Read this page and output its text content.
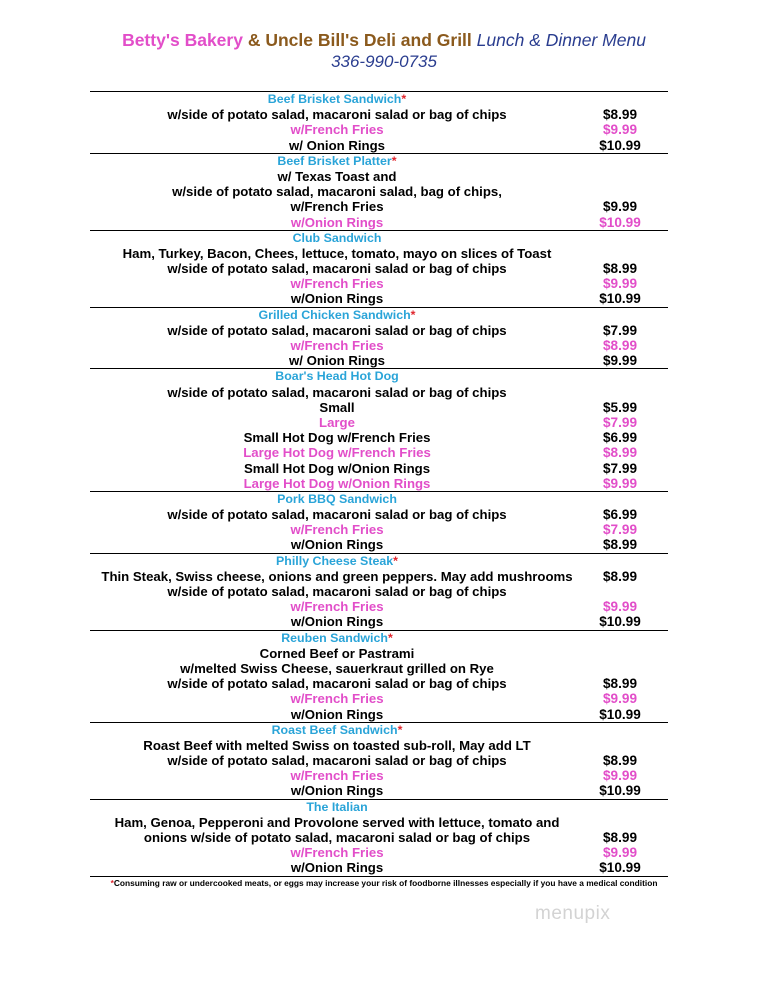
Betty's Bakery & Uncle Bill's Deli and Grill Lunch & Dinner Menu
336-990-0735
Beef Brisket Sandwich*
w/side of potato salad, macaroni salad or bag of chips	$8.99
w/French Fries	$9.99
w/ Onion Rings	$10.99
Beef Brisket Platter*
w/ Texas Toast and
w/side of potato salad, macaroni salad, bag of chips,
w/French Fries	$9.99
w/Onion Rings	$10.99
Club Sandwich
Ham, Turkey, Bacon, Chees, lettuce, tomato, mayo on slices of Toast
w/side of potato salad, macaroni salad or bag of chips	$8.99
w/French Fries	$9.99
w/Onion Rings	$10.99
Grilled Chicken Sandwich*
w/side of potato salad, macaroni salad or bag of chips	$7.99
w/French Fries	$8.99
w/ Onion Rings	$9.99
Boar's Head Hot Dog
w/side of potato salad, macaroni salad or bag of chips
Small	$5.99
Large	$7.99
Small Hot Dog w/French Fries	$6.99
Large Hot Dog w/French Fries	$8.99
Small Hot Dog w/Onion Rings	$7.99
Large Hot Dog w/Onion Rings	$9.99
Pork BBQ Sandwich
w/side of potato salad, macaroni salad or bag of chips	$6.99
w/French Fries	$7.99
w/Onion Rings	$8.99
Philly Cheese Steak*
Thin Steak, Swiss cheese, onions and green peppers. May add mushrooms	$8.99
w/side of potato salad, macaroni salad or bag of chips
w/French Fries	$9.99
w/Onion Rings	$10.99
Reuben Sandwich*
Corned Beef or Pastrami
w/melted Swiss Cheese, sauerkraut grilled on Rye
w/side of potato salad, macaroni salad or bag of chips	$8.99
w/French Fries	$9.99
w/Onion Rings	$10.99
Roast Beef Sandwich*
Roast Beef with melted Swiss on toasted sub-roll, May add LT
w/side of potato salad, macaroni salad or bag of chips	$8.99
w/French Fries	$9.99
w/Onion Rings	$10.99
The Italian
Ham, Genoa, Pepperoni and Provolone served with lettuce, tomato and
onions w/side of potato salad, macaroni salad or bag of chips	$8.99
w/French Fries	$9.99
w/Onion Rings	$10.99
*Consuming raw or undercooked meats, or eggs may increase your risk of foodborne illnesses especially if you have a medical condition
menupix
